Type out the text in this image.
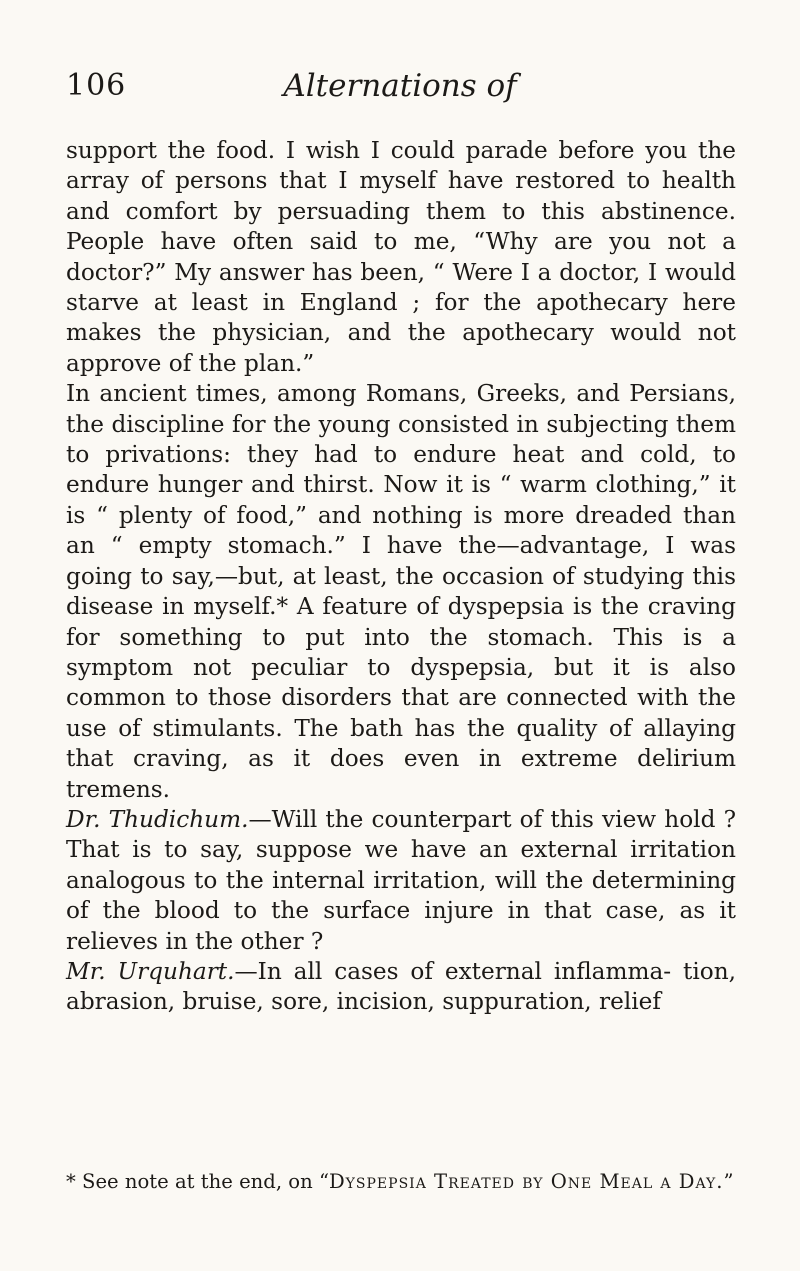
106	Alternations of

support the food. I wish I could parade before you the array of persons that I myself have restored to health and comfort by persuading them to this abstinence. People have often said to me, “Why are you not a doctor?” My answer has been, “ Were I a doctor, I would starve at least in England ; for the apothecary here makes the physician, and the apothecary would not approve of the plan.”

In ancient times, among Romans, Greeks, and Persians, the discipline for the young consisted in subjecting them to privations: they had to endure heat and cold, to endure hunger and thirst. Now it is “ warm clothing,” it is “ plenty of food,” and nothing is more dreaded than an “ empty stomach.” I have the—advantage, I was going to say,—but, at least, the occasion of studying this disease in myself.* A feature of dyspepsia is the craving for something to put into the stomach. This is a symptom not peculiar to dyspepsia, but it is also common to those disorders that are connected with the use of stimulants. The bath has the quality of allaying that craving, as it does even in extreme delirium tremens.

Dr. Thudichum.—Will the counterpart of this view hold ? That is to say, suppose we have an external irritation analogous to the internal irritation, will the determining of the blood to the surface injure in that case, as it relieves in the other ?

Mr. Urquhart.—In all cases of external inflamma- tion, abrasion, bruise, sore, incision, suppuration, relief

* See note at the end, on “Dyspepsia Treated by One Meal a Day.”
